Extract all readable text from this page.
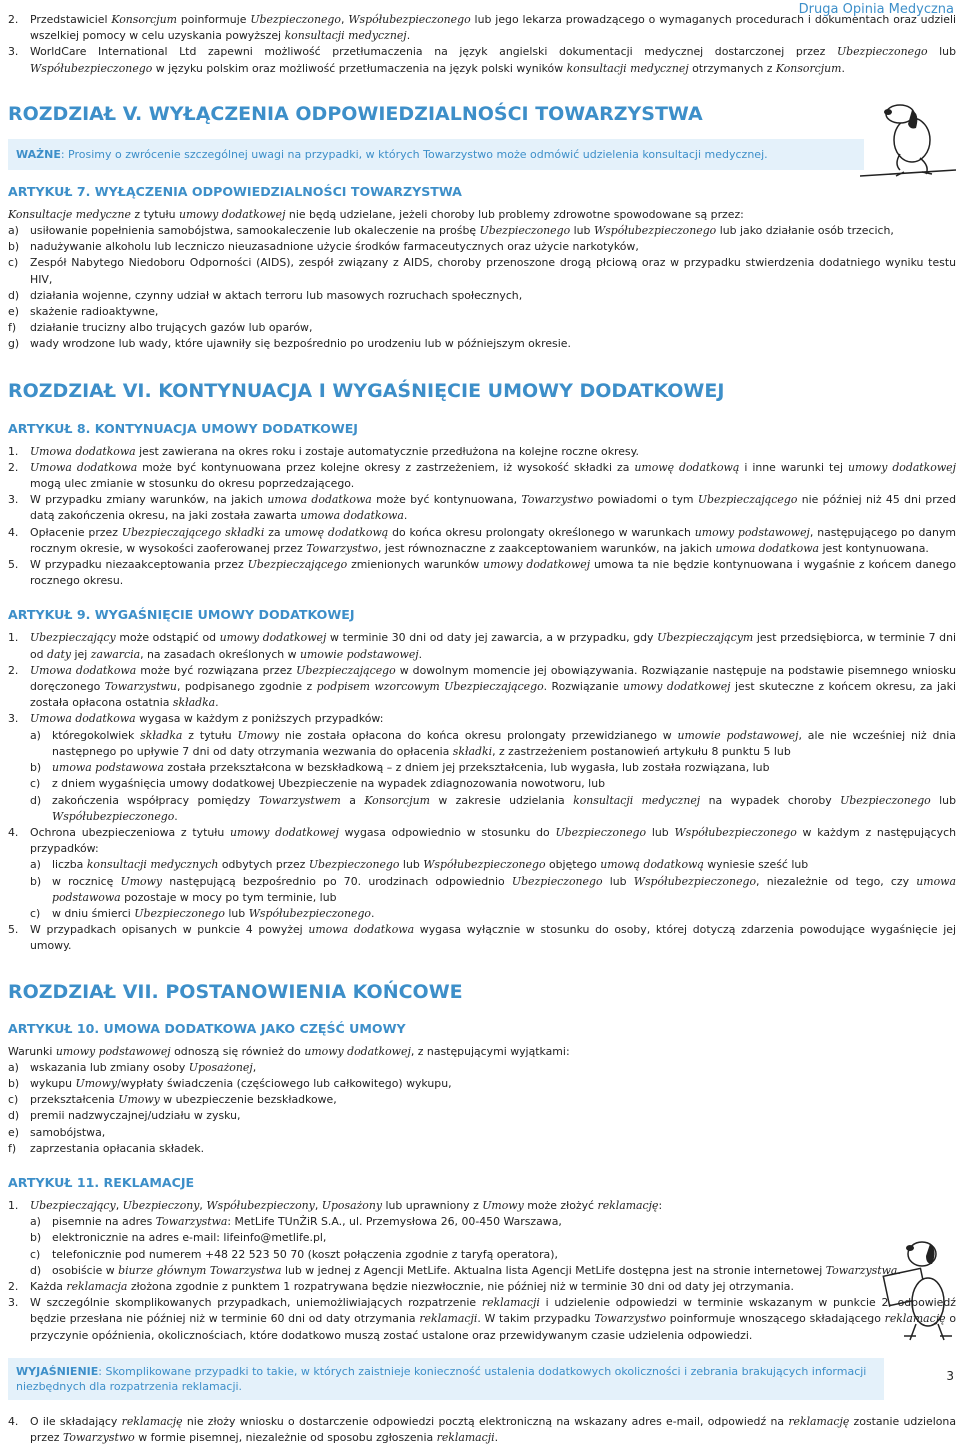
Druga Opinia Medyczna
2. Przedstawiciel Konsorcjum poinformuje Ubezpieczonego, Współubezpieczonego lub jego lekarza prowadzącego o wymaganych procedurach i dokumentach oraz udzieli wszelkiej pomocy w celu uzyskania powyższej konsultacji medycznej.
3. WorldCare International Ltd zapewni możliwość przetłumaczenia na język angielski dokumentacji medycznej dostarczonej przez Ubezpieczonego lub Współubezpieczonego w języku polskim oraz możliwość przetłumaczenia na język polski wyników konsultacji medycznej otrzymanych z Konsorcjum.
ROZDZIAŁ V. WYŁĄCZENIA ODPOWIEDZIALNOŚCI TOWARZYSTWA
WAŻNE: Prosimy o zwrócenie szczególnej uwagi na przypadki, w których Towarzystwo może odmówić udzielenia konsultacji medycznej.
ARTYKUŁ 7. WYŁĄCZENIA ODPOWIEDZIALNOŚCI TOWARZYSTWA

Konsultacje medyczne z tytułu umowy dodatkowej nie będą udzielane, jeżeli choroby lub problemy zdrowotne spowodowane są przez:

a) usiłowanie popełnienia samobójstwa, samookaleczenie lub okaleczenie na prośbę Ubezpieczonego lub Współubezpieczonego lub jako działanie osób trzecich,
b) nadużywanie alkoholu lub leczniczo nieuzasadnione użycie środków farmaceutycznych oraz użycie narkotyków,
c) Zespół Nabytego Niedoboru Odporności (AIDS), zespół związany z AIDS, choroby przenoszone drogą płciową oraz w przypadku stwierdzenia dodatniego wyniku testu HIV,
d) działania wojenne, czynny udział w aktach terroru lub masowych rozruchach społecznych,
e) skażenie radioaktywne,
f) działanie trucizny albo trujących gazów lub oparów,
g) wady wrodzone lub wady, które ujawniły się bezpośrednio po urodzeniu lub w późniejszym okresie.
ROZDZIAŁ VI. KONTYNUACJA I WYGAŚNIĘCIE UMOWY DODATKOWEJ
ARTYKUŁ 8. KONTYNUACJA UMOWY DODATKOWEJ
1. Umowa dodatkowa jest zawierana na okres roku i zostaje automatycznie przedłużona na kolejne roczne okresy.
2. Umowa dodatkowa może być kontynuowana przez kolejne okresy z zastrzeżeniem, iż wysokość składki za umowę dodatkową i inne warunki tej umowy dodatkowej mogą ulec zmianie w stosunku do okresu poprzedzającego.
3. W przypadku zmiany warunków, na jakich umowa dodatkowa może być kontynuowana, Towarzystwo powiadomi o tym Ubezpieczającego nie później niż 45 dni przed datą zakończenia okresu, na jaki została zawarta umowa dodatkowa.
4. Opłacenie przez Ubezpieczającego składki za umowę dodatkową do końca okresu prolongaty określonego w warunkach umowy podstawowej, następującego po danym rocznym okresie, w wysokości zaoferowanej przez Towarzystwo, jest równoznaczne z zaakceptowaniem warunków, na jakich umowa dodatkowa jest kontynuowana.
5. W przypadku niezaakceptowania przez Ubezpieczającego zmienionych warunków umowy dodatkowej umowa ta nie będzie kontynuowana i wygaśnie z końcem danego rocznego okresu.
ARTYKUŁ 9. WYGAŚNIĘCIE UMOWY DODATKOWEJ
1. Ubezpieczający może odstąpić od umowy dodatkowej w terminie 30 dni od daty jej zawarcia, a w przypadku, gdy Ubezpieczającym jest przedsiębiorca, w terminie 7 dni od daty jej zawarcia, na zasadach określonych w umowie podstawowej.
2. Umowa dodatkowa może być rozwiązana przez Ubezpieczającego w dowolnym momencie jej obowiązywania. Rozwiązanie następuje na podstawie pisemnego wniosku doręczonego Towarzystwu, podpisanego zgodnie z podpisem wzorcowym Ubezpieczającego. Rozwiązanie umowy dodatkowej jest skuteczne z końcem okresu, za jaki została opłacona ostatnia składka.
3. Umowa dodatkowa wygasa w każdym z poniższych przypadków:
a) któregokolwiek składka z tytułu Umowy nie została opłacona do końca okresu prolongaty przewidzianego w umowie podstawowej, ale nie wcześniej niż dnia następnego po upływie 7 dni od daty otrzymania wezwania do opłacenia składki, z zastrzeżeniem postanowień artykułu 8 punktu 5 lub
b) umowa podstawowa została przekształcona w bezskładkową – z dniem jej przekształcenia, lub wygasła, lub została rozwiązana, lub
c) z dniem wygaśnięcia umowy dodatkowej Ubezpieczenie na wypadek zdiagnozowania nowotworu, lub
d) zakończenia współpracy pomiędzy Towarzystwem a Konsorcjum w zakresie udzielania konsultacji medycznej na wypadek choroby Ubezpieczonego lub Współubezpieczonego.
4. Ochrona ubezpieczeniowa z tytułu umowy dodatkowej wygasa odpowiednio w stosunku do Ubezpieczonego lub Współubezpieczonego w każdym z następujących przypadków:
a) liczba konsultacji medycznych odbytych przez Ubezpieczonego lub Współubezpieczonego objętego umową dodatkową wyniesie sześć lub
b) w rocznicę Umowy następującą bezpośrednio po 70. urodzinach odpowiednio Ubezpieczonego lub Współubezpieczonego, niezależnie od tego, czy umowa podstawowa pozostaje w mocy po tym terminie, lub
c) w dniu śmierci Ubezpieczonego lub Współubezpieczonego.
5. W przypadkach opisanych w punkcie 4 powyżej umowa dodatkowa wygasa wyłącznie w stosunku do osoby, której dotyczą zdarzenia powodujące wygaśnięcie jej umowy.
ROZDZIAŁ VII. POSTANOWIENIA KOŃCOWE
ARTYKUŁ 10. UMOWA DODATKOWA JAKO CZĘŚĆ UMOWY

Warunki umowy podstawowej odnoszą się również do umowy dodatkowej, z następującymi wyjątkami:

a) wskazania lub zmiany osoby Uposażonej,
b) wykupu Umowy/wypłaty świadczenia (częściowego lub całkowitego) wykupu,
c) przekształcenia Umowy w ubezpieczenie bezskładkowe,
d) premii nadzwyczajnej/udziału w zysku,
e) samobójstwa,
f) zaprzestania opłacania składek.
ARTYKUŁ 11. REKLAMACJE
1. Ubezpieczający, Ubezpieczony, Współubezpieczony, Uposażony lub uprawniony z Umowy może złożyć reklamację:
a) pisemnie na adres Towarzystwa: MetLife TUnŻiR S.A., ul. Przemysłowa 26, 00-450 Warszawa,
b) elektronicznie na adres e-mail: lifeinfo@metlife.pl,
c) telefonicznie pod numerem +48 22 523 50 70 (koszt połączenia zgodnie z taryfą operatora),
d) osobiście w biurze głównym Towarzystwa lub w jednej z Agencji MetLife. Aktualna lista Agencji MetLife dostępna jest na stronie internetowej Towarzystwa.
2. Każda reklamacja złożona zgodnie z punktem 1 rozpatrywana będzie niezwłocznie, nie później niż w terminie 30 dni od daty jej otrzymania.
3. W szczególnie skomplikowanych przypadkach, uniemożliwiających rozpatrzenie reklamacji i udzielenie odpowiedzi w terminie wskazanym w punkcie 2, odpowiedź będzie przesłana nie później niż w terminie 60 dni od daty otrzymania reklamacji. W takim przypadku Towarzystwo poinformuje wnoszącego składającego reklamację o przyczynie opóźnienia, okolicznościach, które dodatkowo muszą zostać ustalone oraz przewidywanym czasie udzielenia odpowiedzi.
WYJAŚNIENIE: Skomplikowane przypadki to takie, w których zaistnieje konieczność ustalenia dodatkowych okoliczności i zebrania brakujących informacji niezbędnych dla rozpatrzenia reklamacji.
4. O ile składający reklamację nie złoży wniosku o dostarczenie odpowiedzi pocztą elektroniczną na wskazany adres e-mail, odpowiedź na reklamację zostanie udzielona przez Towarzystwo w formie pisemnej, niezależnie od sposobu zgłoszenia reklamacji.
3
